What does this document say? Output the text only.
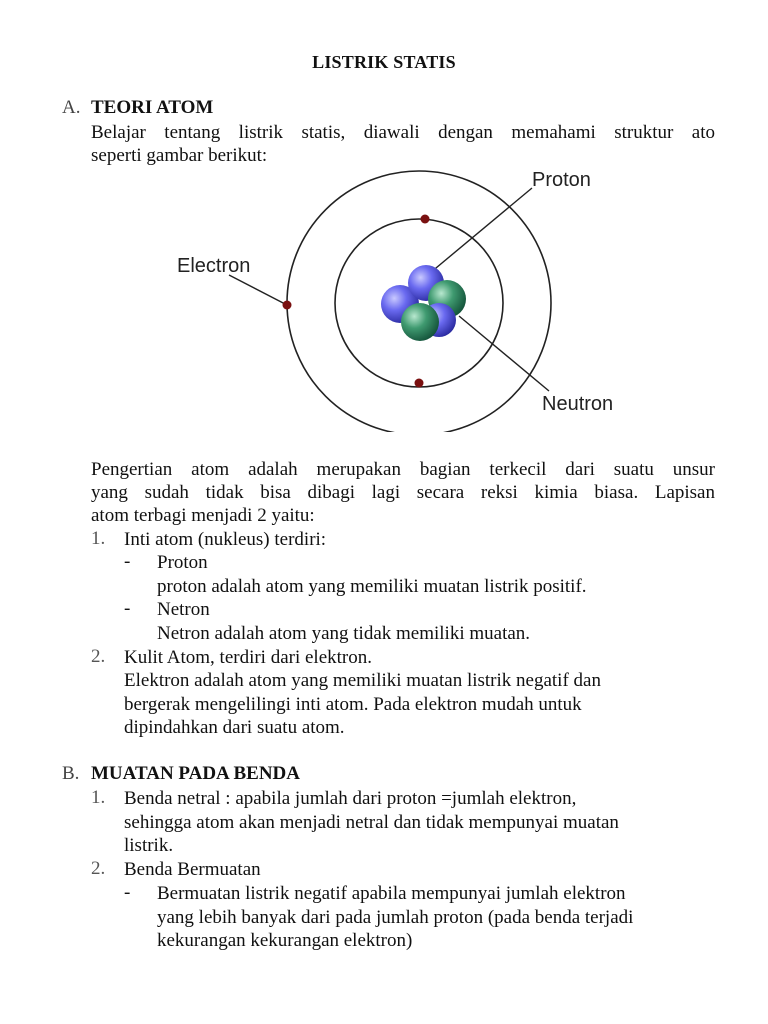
LISTRIK STATIS
A. TEORI ATOM
Belajar tentang listrik statis, diawali dengan memahami struktur ato
seperti gambar berikut:
Proton
Electron
Neutron
Pengertian atom adalah merupakan bagian terkecil dari suatu unsur
yang sudah tidak bisa dibagi lagi secara reksi kimia biasa. Lapisan
atom terbagi menjadi 2 yaitu:
1. Inti atom (nukleus) terdiri:
- Proton
proton adalah atom yang memiliki muatan listrik positif.
- Netron
Netron adalah atom yang tidak memiliki muatan.
2. Kulit Atom, terdiri dari elektron.
Elektron adalah atom yang memiliki muatan listrik negatif dan
bergerak mengelilingi inti atom. Pada elektron mudah untuk
dipindahkan dari suatu atom.
B. MUATAN PADA BENDA
1. Benda netral : apabila jumlah dari proton =jumlah elektron,
sehingga atom akan menjadi netral dan tidak mempunyai muatan
listrik.
2. Benda Bermuatan
- Bermuatan listrik negatif apabila mempunyai jumlah elektron
yang lebih banyak dari pada jumlah proton (pada benda terjadi
kekurangan kekurangan elektron)
